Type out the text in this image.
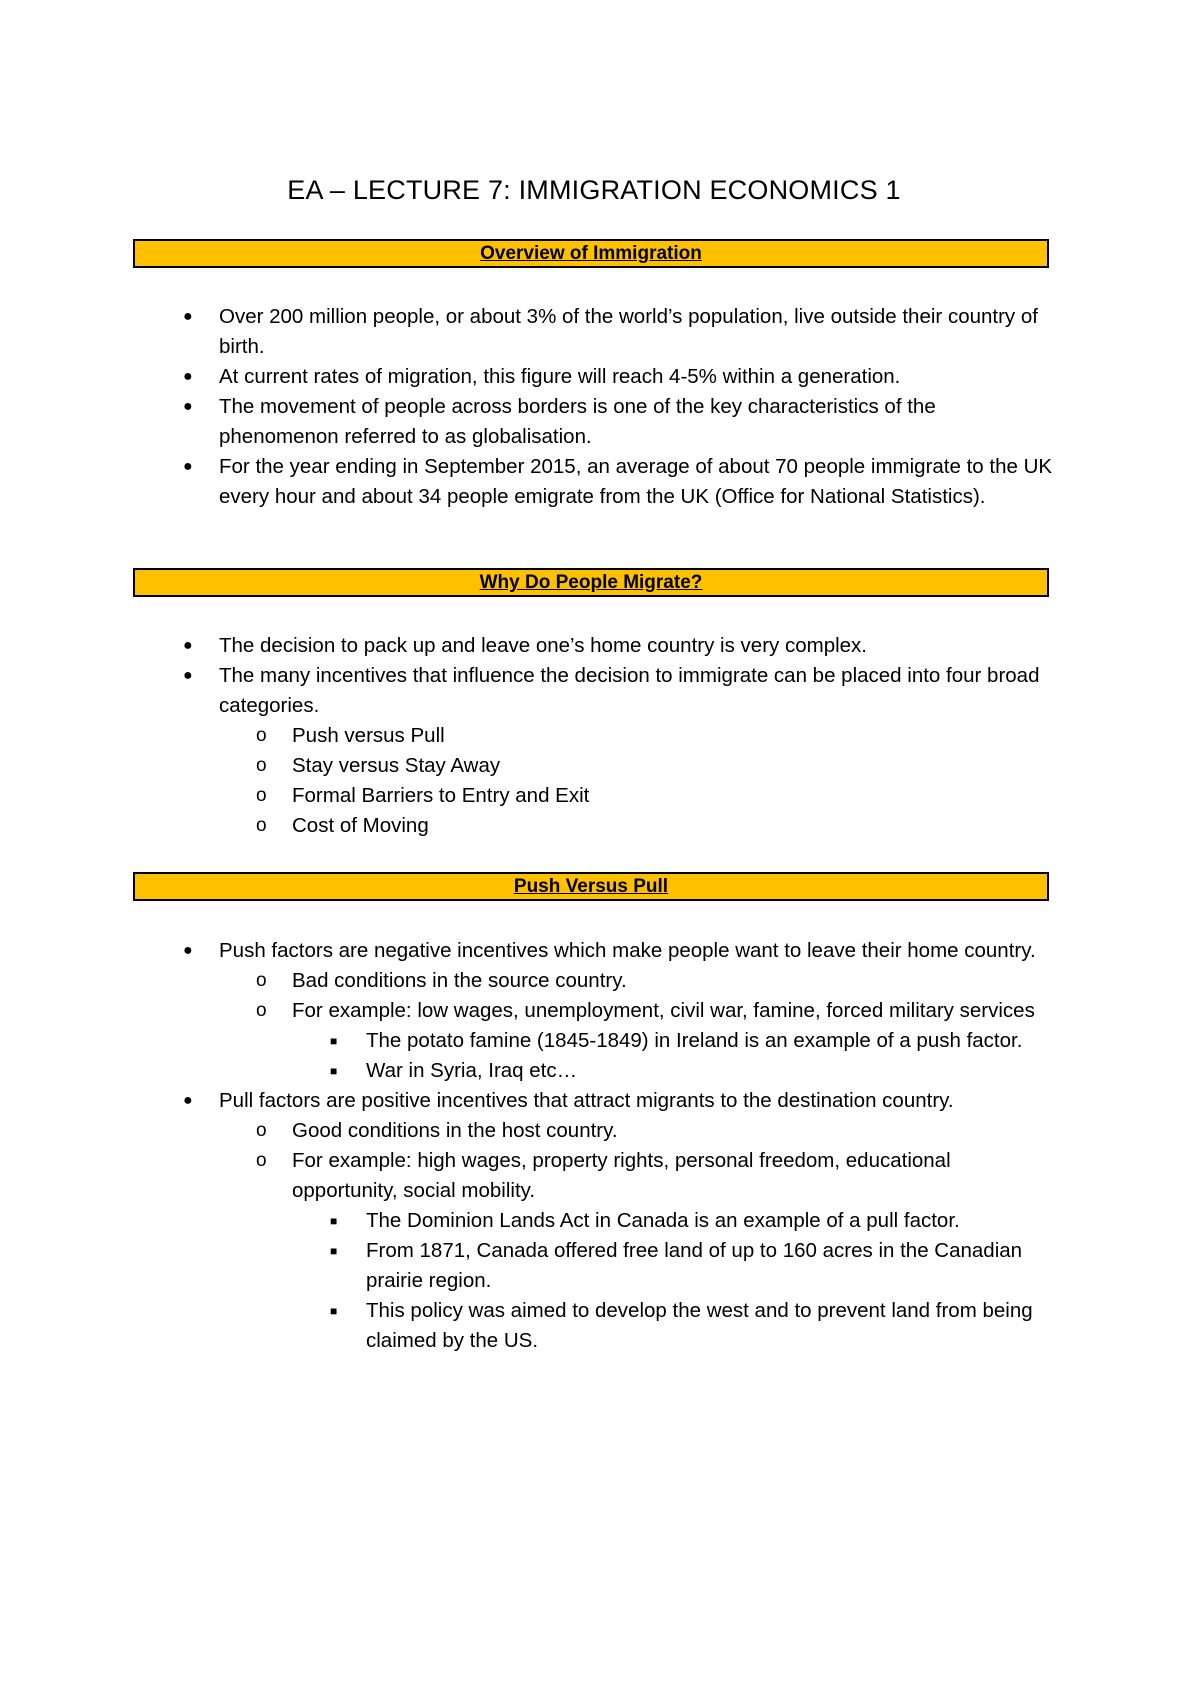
EA – LECTURE 7: IMMIGRATION ECONOMICS 1
Overview of Immigration
● Over 200 million people, or about 3% of the world’s population, live outside their country of birth.
● At current rates of migration, this figure will reach 4-5% within a generation.
● The movement of people across borders is one of the key characteristics of the phenomenon referred to as globalisation.
● For the year ending in September 2015, an average of about 70 people immigrate to the UK every hour and about 34 people emigrate from the UK (Office for National Statistics).
Why Do People Migrate?
● The decision to pack up and leave one’s home country is very complex.
● The many incentives that influence the decision to immigrate can be placed into four broad categories.
o Push versus Pull
o Stay versus Stay Away
o Formal Barriers to Entry and Exit
o Cost of Moving
Push Versus Pull
● Push factors are negative incentives which make people want to leave their home country.
o Bad conditions in the source country.
o For example: low wages, unemployment, civil war, famine, forced military services
■ The potato famine (1845-1849) in Ireland is an example of a push factor.
■ War in Syria, Iraq etc…
● Pull factors are positive incentives that attract migrants to the destination country.
o Good conditions in the host country.
o For example: high wages, property rights, personal freedom, educational opportunity, social mobility.
■ The Dominion Lands Act in Canada is an example of a pull factor.
■ From 1871, Canada offered free land of up to 160 acres in the Canadian prairie region.
■ This policy was aimed to develop the west and to prevent land from being claimed by the US.
